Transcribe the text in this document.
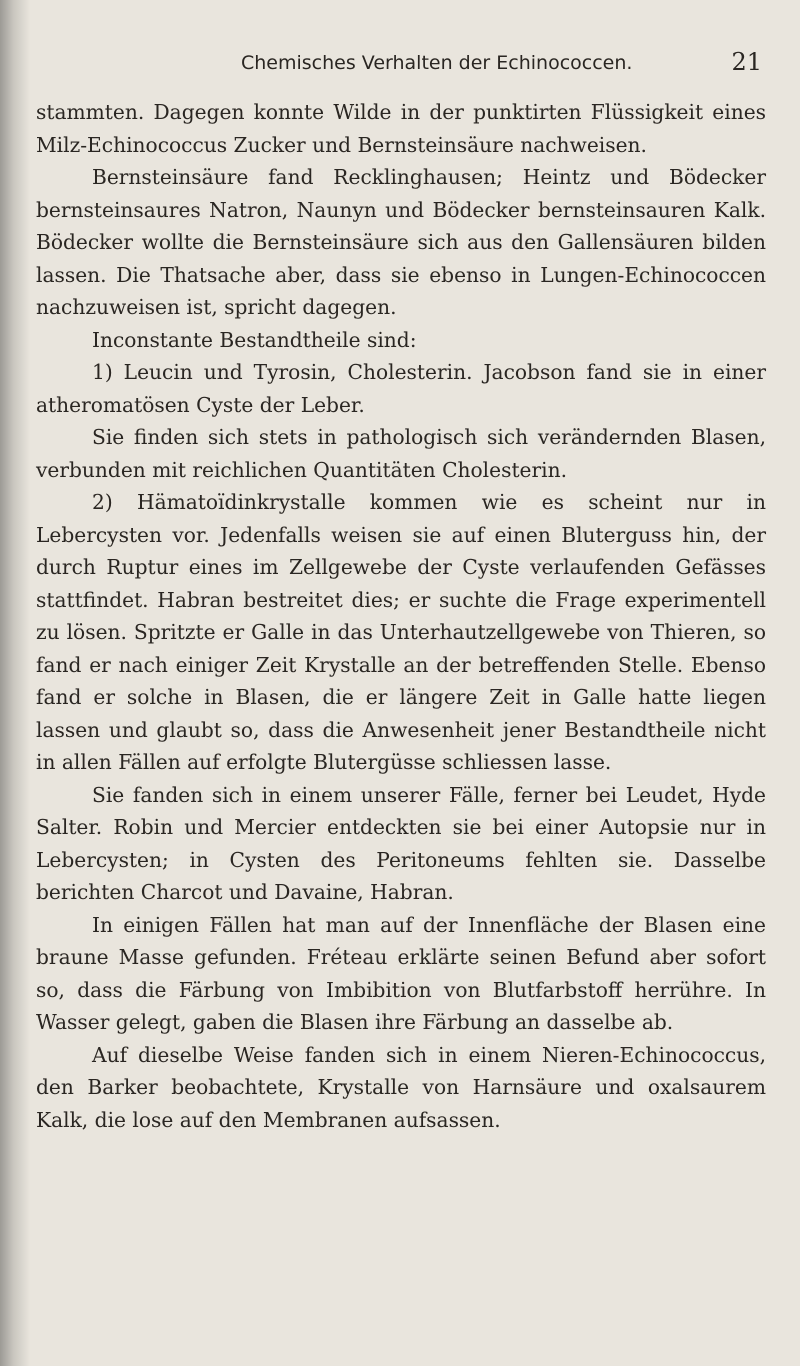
Chemisches Verhalten der Echinococcen.	21

stammten. Dagegen konnte Wilde in der punktirten Flüssigkeit eines Milz-Echinococcus Zucker und Bernsteinsäure nachweisen.

Bernsteinsäure fand Recklinghausen; Heintz und Bödecker bernsteinsaures Natron, Naunyn und Bödecker bernsteinsauren Kalk. Bödecker wollte die Bernsteinsäure sich aus den Gallensäuren bilden lassen. Die Thatsache aber, dass sie ebenso in Lungen-Echinococcen nachzuweisen ist, spricht dagegen.

Inconstante Bestandtheile sind:

1) Leucin und Tyrosin, Cholesterin. Jacobson fand sie in einer atheromatösen Cyste der Leber.

Sie finden sich stets in pathologisch sich verändernden Blasen, verbunden mit reichlichen Quantitäten Cholesterin.

2) Hämatoïdinkrystalle kommen wie es scheint nur in Lebercysten vor. Jedenfalls weisen sie auf einen Bluterguss hin, der durch Ruptur eines im Zellgewebe der Cyste verlaufenden Gefässes stattfindet. Habran bestreitet dies; er suchte die Frage experimentell zu lösen. Spritzte er Galle in das Unterhautzellgewebe von Thieren, so fand er nach einiger Zeit Krystalle an der betreffenden Stelle. Ebenso fand er solche in Blasen, die er längere Zeit in Galle hatte liegen lassen und glaubt so, dass die Anwesenheit jener Bestandtheile nicht in allen Fällen auf erfolgte Blutergüsse schliessen lasse.

Sie fanden sich in einem unserer Fälle, ferner bei Leudet, Hyde Salter. Robin und Mercier entdeckten sie bei einer Autopsie nur in Lebercysten; in Cysten des Peritoneums fehlten sie. Dasselbe berichten Charcot und Davaine, Habran.

In einigen Fällen hat man auf der Innenfläche der Blasen eine braune Masse gefunden. Fréteau erklärte seinen Befund aber sofort so, dass die Färbung von Imbibition von Blutfarbstoff herrühre. In Wasser gelegt, gaben die Blasen ihre Färbung an dasselbe ab.

Auf dieselbe Weise fanden sich in einem Nieren-Echinococcus, den Barker beobachtete, Krystalle von Harnsäure und oxalsaurem Kalk, die lose auf den Membranen aufsassen.
